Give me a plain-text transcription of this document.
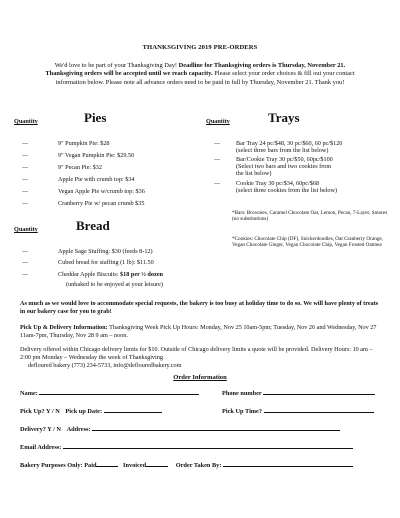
THANKSGIVING 2019 PRE-ORDERS
We'd love to be part of your Thanksgiving Day! Deadline for Thanksgiving orders is Thursday, November 21. Thanksgiving orders will be accepted until we reach capacity. Please select your order choices & fill out your contact information below. Please note all advance orders need to be paid in full by Thursday, November 21. Thank you!
Quantity	Pies
—	9" Pumpkin Pie: $28
—	9" Vegan Pumpkin Pie: $29.50
—	9" Pecan Pie: $32
—	Apple Pie with crumb top: $34
—	Vegan Apple Pie w/crumb top: $36
—	Cranberry Pie w/ pecan crumb $35
Quantity	Trays
—	Bar Tray 24 pc/$48, 30 pc/$60, 60 pc/$120
(select three bars from the list below)
—	Bar/Cookie Tray 30 pc/$50, 60pc/$100
(Select two bars and two cookies from
the list below)
—	Cookie Tray 30 pc/$34, 60pc/$68
(select three cookies from the list below)
*Bars: Brownies, Caramel Chocolate Oat, Lemon, Pecan, 7-Layer, Smores (no substitutions)
*Cookies: Chocolate Chip (DF), Snickerdoodles, Oat Cranberry Orange, Vegan Chocolate Ginger, Vegan Chocolate Chip, Vegan Frosted Oatmea
Quantity	Bread
—	Apple Sage Stuffing: $30 (feeds 8-12)
—	Cubed bread for staffing (1 lb): $11.50
—	Cheddar Apple Biscuits: $18 per ½ dozen
(unbaked to be enjoyed at your leisure)
As much as we would love to accommodate special requests, the bakery is too busy at holiday time to do so. We will have plenty of treats in our bakery case for you to grab!
Pick Up & Delivery Information: Thanksgiving Week Pick Up Hours: Monday, Nov 25 10am-5pm; Tuesday, Nov 26 and Wednesday, Nov 27 11am-7pm, Thursday, Nov 28 9 am – noon.
Delivery offered within Chicago delivery limits for $10. Outside of Chicago delivery limits a quote will be provided. Delivery Hours: 10 am – 2:00 pm Monday – Wednesday the week of Thanksgiving
defloured bakery (773) 234-5733, info@deflouredbakery.com
Order Information
Name:	Phone number
Pick Up? Y / N Pick up Date:	Pick Up Time?
Delivery? Y / N Address:
Email Address:
Bakery Purposes Only: Paid	Invoiced	Order Taken By:
